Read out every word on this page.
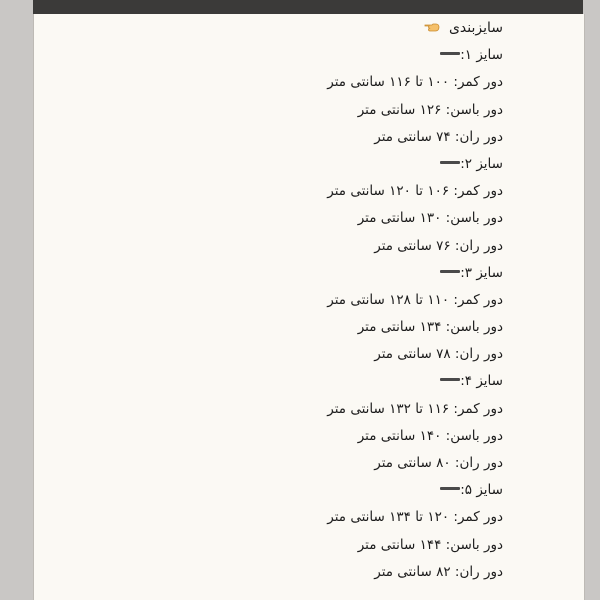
سایزبندی
سایز ۱:
دور کمر: ۱۰۰ تا ۱۱۶ سانتی متر
دور باسن: ۱۲۶ سانتی متر
دور ران: ۷۴ سانتی متر
سایز ۲:
دور کمر: ۱۰۶ تا ۱۲۰ سانتی متر
دور باسن: ۱۳۰ سانتی متر
دور ران: ۷۶ سانتی متر
سایز ۳:
دور کمر: ۱۱۰ تا ۱۲۸ سانتی متر
دور باسن: ۱۳۴ سانتی متر
دور ران: ۷۸ سانتی متر
سایز ۴:
دور کمر: ۱۱۶ تا ۱۳۲ سانتی متر
دور باسن: ۱۴۰ سانتی متر
دور ران: ۸۰ سانتی متر
سایز ۵:
دور کمر: ۱۲۰ تا ۱۳۴ سانتی متر
دور باسن: ۱۴۴ سانتی متر
دور ران: ۸۲ سانتی متر
